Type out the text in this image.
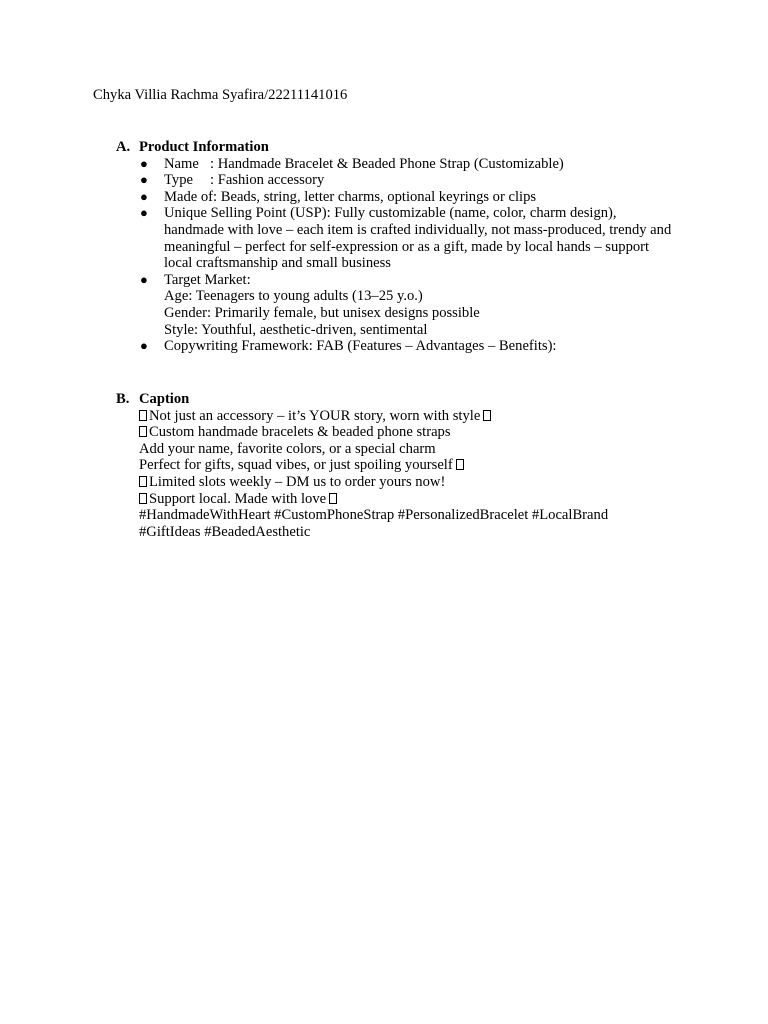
Chyka Villia Rachma Syafira/22211141016
A. Product Information
●	Name : Handmade Bracelet & Beaded Phone Strap (Customizable)
●	Type : Fashion accessory
●	Made of: Beads, string, letter charms, optional keyrings or clips
●	Unique Selling Point (USP): Fully customizable (name, color, charm design), handmade with love – each item is crafted individually, not mass-produced, trendy and meaningful – perfect for self-expression or as a gift, made by local hands – support local craftsmanship and small business
●	Target Market:
Age: Teenagers to young adults (13–25 y.o.)
Gender: Primarily female, but unisex designs possible
Style: Youthful, aesthetic-driven, sentimental
●	Copywriting Framework: FAB (Features – Advantages – Benefits):
B. Caption
Not just an accessory – it’s YOUR story, worn with style
Custom handmade bracelets & beaded phone straps
Add your name, favorite colors, or a special charm
Perfect for gifts, squad vibes, or just spoiling yourself
Limited slots weekly – DM us to order yours now!
Support local. Made with love
#HandmadeWithHeart #CustomPhoneStrap #PersonalizedBracelet #LocalBrand #GiftIdeas #BeadedAesthetic
